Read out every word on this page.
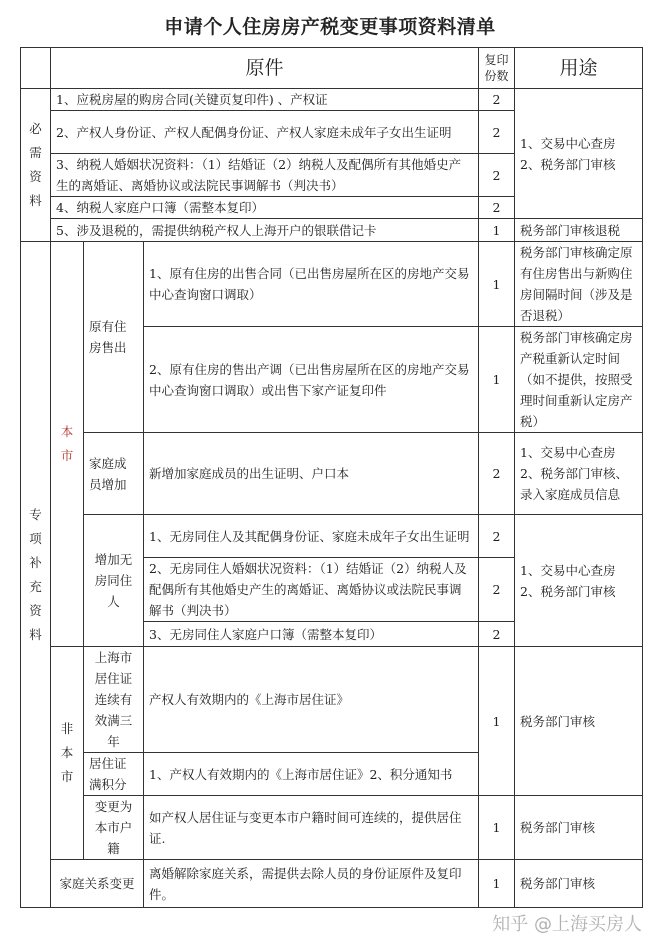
申请个人住房房产税变更事项资料清单
	原件			复印份数	用途

必需资料	1、应税房屋的购房合同(关键页复印件) 、产权证			2	1、交易中心查房 2、税务部门审核
	2、产权人身份证、产权人配偶身份证、产权人家庭未成年子女出生证明			2	
	3、纳税人婚姻状况资料：（1）结婚证（2）纳税人及配偶所有其他婚史产生的离婚证、离婚协议或法院民事调解书（判决书）			2	
	4、纳税人家庭户口簿（需整本复印）			2	
	5、涉及退税的，需提供纳税产权人上海开户的银联借记卡			1	税务部门审核退税

专项补充资料	本市	原有住房售出	1、原有住房的出售合同（已出售房屋所在区的房地产交易中心查询窗口调取）	1	税务部门审核确定原有住房售出与新购住房间隔时间（涉及是否退税）
			2、原有住房的售出产调（已出售房屋所在区的房地产交易中心查询窗口调取）或出售下家产证复印件	1	税务部门审核确定房产税重新认定时间（如不提供，按照受理时间重新认定房产税）
		家庭成员增加	新增加家庭成员的出生证明、户口本	2	1、交易中心查房 2、税务部门审核、录入家庭成员信息
		增加无房同住人	1、无房同住人及其配偶身份证、家庭未成年子女出生证明	2	1、交易中心查房 2、税务部门审核
			2、无房同住人婚姻状况资料：（1）结婚证（2）纳税人及配偶所有其他婚史产生的离婚证、离婚协议或法院民事调解书（判决书）	2	
			3、无房同住人家庭户口簿（需整本复印）	2	

	非本市	上海市居住证连续有效满三年	产权人有效期内的《上海市居住证》	1	税务部门审核
		居住证满积分	1、产权人有效期内的《上海市居住证》2、积分通知书		
		变更为本市户籍	如产权人居住证与变更本市户籍时间可连续的，提供居住证.	1	税务部门审核
	家庭关系变更		离婚解除家庭关系，需提供去除人员的身份证原件及复印件。	1	税务部门审核
知乎 @上海买房人
